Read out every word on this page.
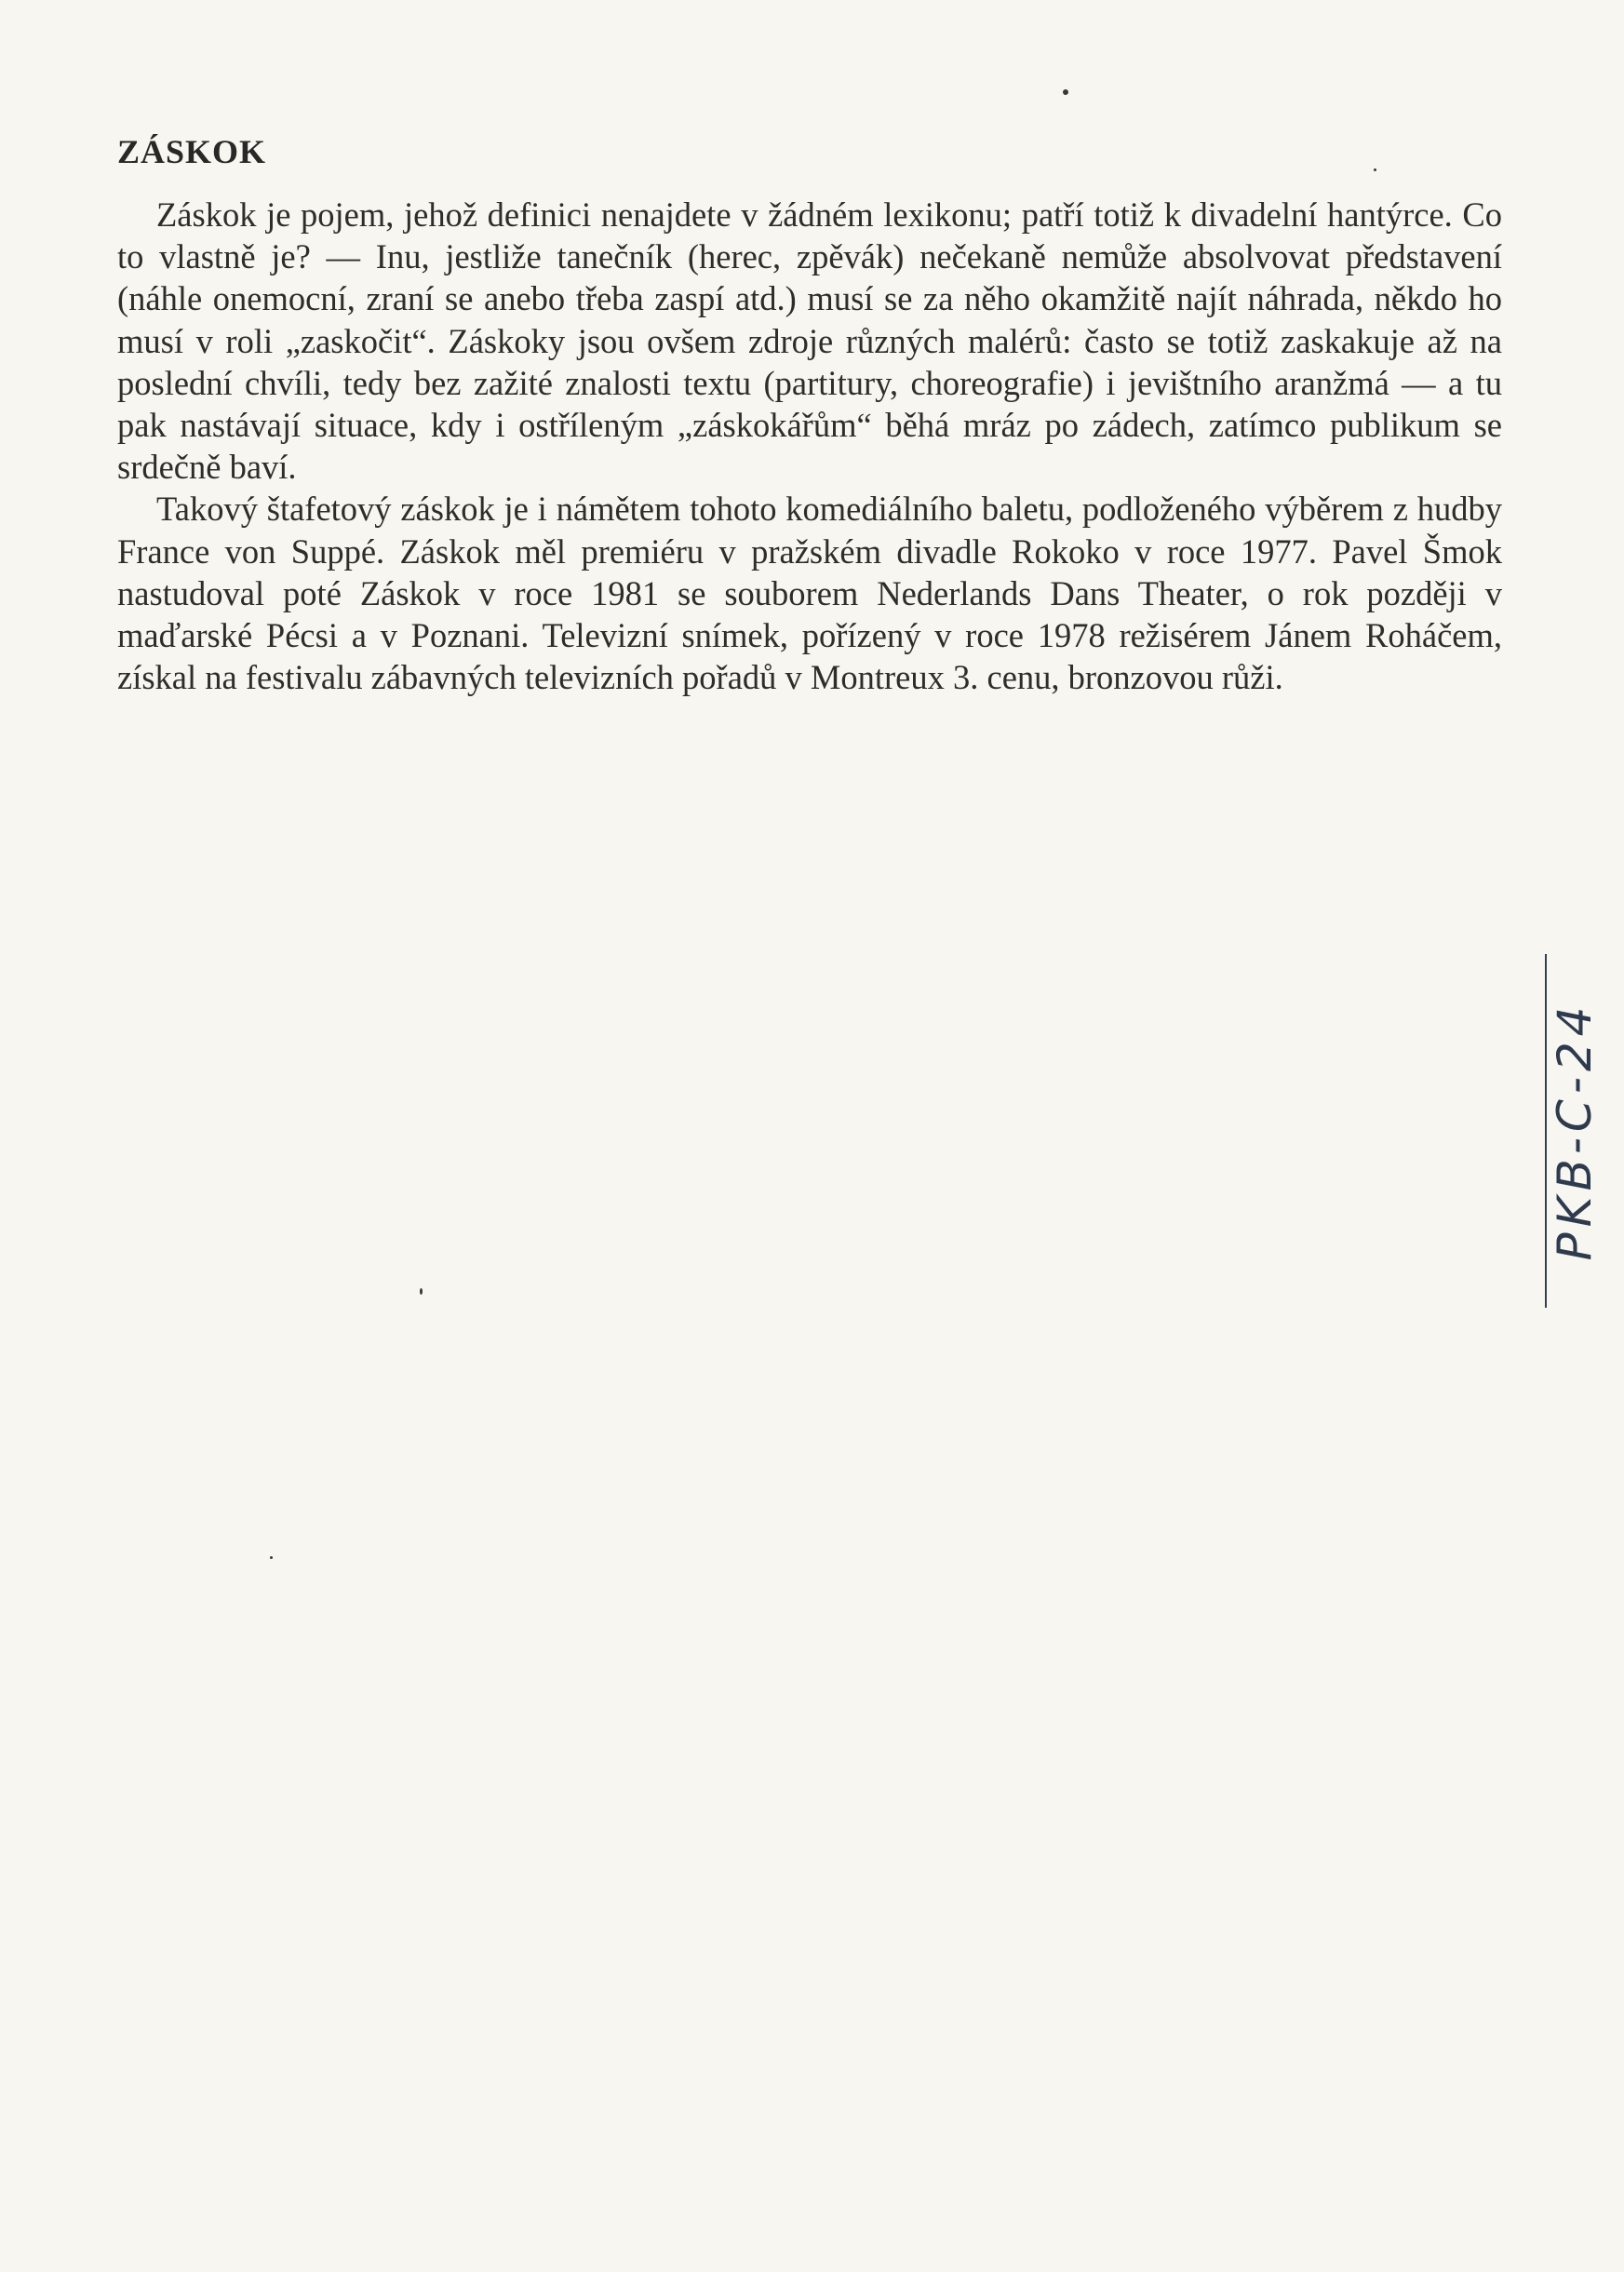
ZÁSKOK

Záskok je pojem, jehož definici nenajdete v žádném lexikonu; patří totiž k divadelní hantýrce. Co to vlastně je? — Inu, jestliže tanečník (herec, zpěvák) nečekaně nemůže absolvovat představení (náhle onemocní, zraní se anebo třeba zaspí atd.) musí se za něho okamžitě najít náhrada, někdo ho musí v roli „zaskočit“. Záskoky jsou ovšem zdroje různých malérů: často se totiž zaskakuje až na poslední chvíli, tedy bez zažité znalosti textu (partitury, choreografie) i jevištního aranžmá — a tu pak nastávají situace, kdy i ostříleným „záskokářům“ běhá mráz po zádech, zatímco publikum se srdečně baví.

Takový štafetový záskok je i námětem tohoto komediálního baletu, podloženého výběrem z hudby France von Suppé. Záskok měl premiéru v pražském divadle Rokoko v roce 1977. Pavel Šmok nastudoval poté Záskok v roce 1981 se souborem Nederlands Dans Theater, o rok později v maďarské Pécsi a v Poznani. Televizní snímek, pořízený v roce 1978 režisérem Jánem Roháčem, získal na festivalu zábavných televizních pořadů v Montreux 3. cenu, bronzovou růži.

PKB-C-24
